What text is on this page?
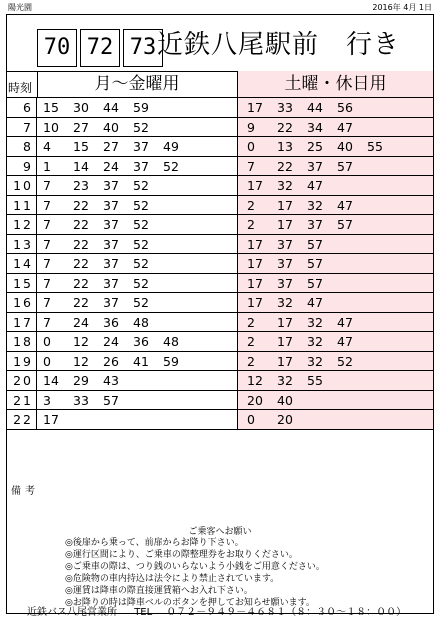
陽光園	2016年 4月 1日
70 72 73 近鉄八尾駅前　行き
時刻	月～金曜用	土曜・休日用
6 15 30 44 59	17 33 44 56
7 10 27 40 52	9 22 34 47
8 4 15 27 37 49	0 13 25 40 55
9 1 14 24 37 52	7 22 37 57
10 7 23 37 52	17 32 47
11 7 22 37 52	2 17 32 47
12 7 22 37 52	2 17 37 57
13 7 22 37 52	17 37 57
14 7 22 37 52	17 37 57
15 7 22 37 52	17 37 57
16 7 22 37 52	17 32 47
17 7 24 36 48	2 17 32 47
18 0 12 24 36 48	2 17 32 47
19 0 12 26 41 59	2 17 32 52
20 14 29 43	12 32 55
21 3 33 57	20 40
22 17	0 20
備考
ご乗客へお願い
◎後扉から乗って、前扉からお降り下さい。
◎運行区間により、ご乗車の際整理券をお取りください。
◎ご乗車の際は、つり銭のいらないよう小銭をご用意ください。
◎危険物の車内持込は法令により禁止されています。
◎運賃は降車の際直接運賃箱へお入れ下さい。
◎お降りの時は降車ベルのボタンを押してお知らせ願います。
近鉄バス八尾営業所 TEL ０７２－９４９－４６８１（８：３０～１８：００）
